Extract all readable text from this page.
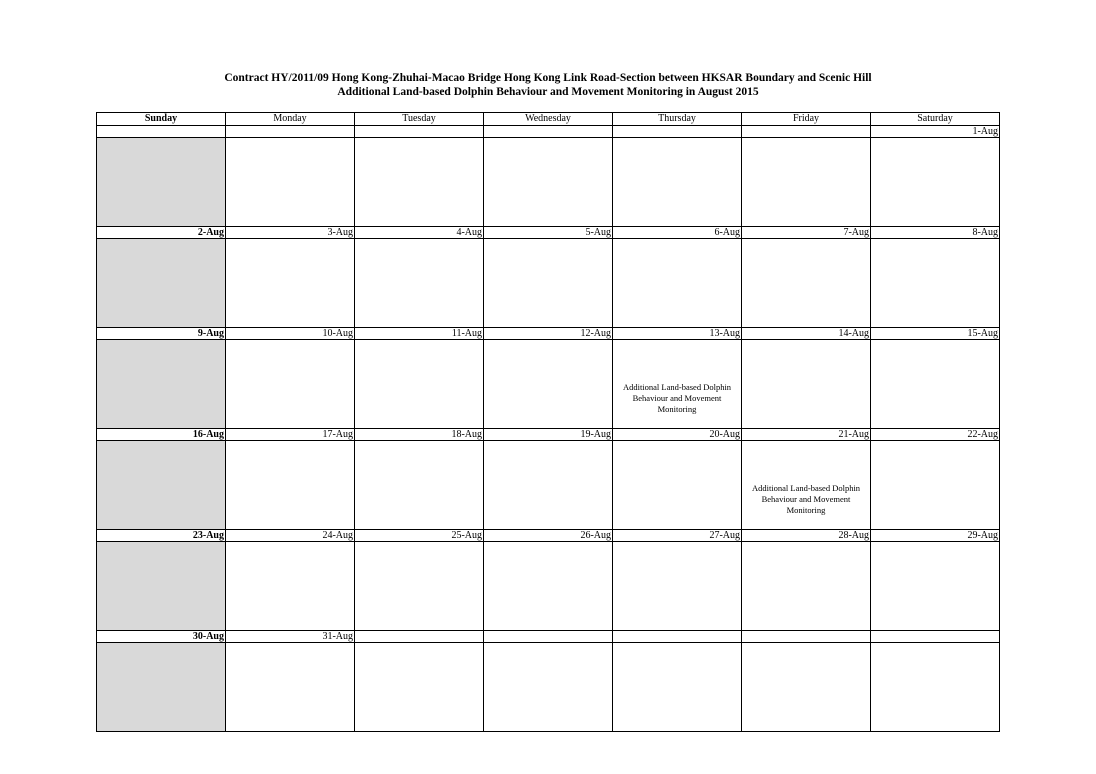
Contract HY/2011/09 Hong Kong-Zhuhai-Macao Bridge Hong Kong Link Road-Section between HKSAR Boundary and Scenic Hill
Additional Land-based Dolphin Behaviour and Movement Monitoring in August 2015
Sunday	Monday	Tuesday	Wednesday	Thursday	Friday	Saturday
						1-Aug

2-Aug	3-Aug	4-Aug	5-Aug	6-Aug	7-Aug	8-Aug

9-Aug	10-Aug	11-Aug	12-Aug	13-Aug	14-Aug	15-Aug

				Additional Land-based Dolphin Behaviour and Movement Monitoring		

16-Aug	17-Aug	18-Aug	19-Aug	20-Aug	21-Aug	22-Aug

					Additional Land-based Dolphin Behaviour and Movement Monitoring	

23-Aug	24-Aug	25-Aug	26-Aug	27-Aug	28-Aug	29-Aug

30-Aug	31-Aug					
